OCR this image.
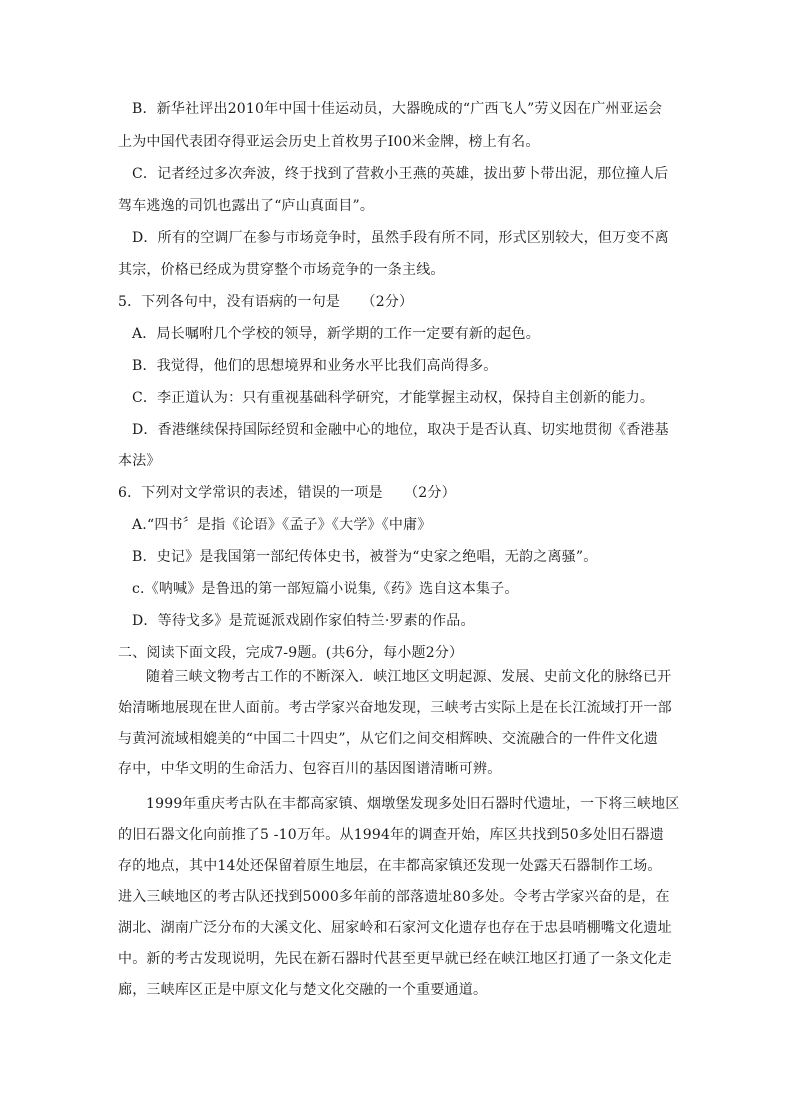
B．新华社评出2010年中国十佳运动员，大器晚成的“广西飞人”劳义因在广州亚运会
上为中国代表团夺得亚运会历史上首枚男子I00米金牌，榜上有名。
C．记者经过多次奔波，终于找到了营救小王燕的英雄，拔出萝卜带出泥，那位撞人后
驾车逃逸的司饥也露出了“庐山真面目”。
D．所有的空调厂在参与市场竞争时，虽然手段有所不同，形式区别较大，但万变不离
其宗，价格已经成为贯穿整个市场竞争的一条主线。
5．下列各句中，没有语病的一句是　　（2分）
A．局长嘱咐几个学校的领导，新学期的工作一定要有新的起色。
B．我觉得，他们的思想境界和业务水平比我们高尚得多。
C．李正道认为：只有重视基础科学研究，才能掌握主动权，保持自主创新的能力。
D．香港继续保持国际经贸和金融中心的地位，取决于是否认真、切实地贯彻《香港基
本法》
6．下列对文学常识的表述，错误的一项是　　（2分）
A.“四书〞是指《论语》《孟子》《大学》《中庸》
B．史记》是我国第一部纪传体史书，被誉为“史家之绝唱，无韵之离骚”。
c.《呐喊》是鲁迅的第一部短篇小说集,《药》选自这本集子。
D．等待戈多》是荒诞派戏剧作家伯特兰·罗素的作品。
二、阅读下面文段，完成7-9题。(共6分，每小题2分）
随着三峡文物考古工作的不断深入．峡江地区文明起源、发展、史前文化的脉络已开
始清晰地展现在世人面前。考古学家兴奋地发现，三峡考古实际上是在长江流域打开一部
与黄河流域相媲美的“中国二十四史”，从它们之间交相辉映、交流融合的一件件文化遗
存中，中华文明的生命活力、包容百川的基因图谱清晰可辨。
1999年重庆考古队在丰都高家镇、烟墩堡发现多处旧石器时代遗址，一下将三峡地区
的旧石器文化向前推了5 -10万年。从1994年的调查开始，库区共找到50多处旧石器遗
存的地点，其中14处还保留着原生地层，在丰都高家镇还发现一处露天石器制作工场。
进入三峡地区的考古队还找到5000多年前的部落遗址80多处。令考古学家兴奋的是，在
湖北、湖南广泛分布的大溪文化、屈家岭和石家河文化遗存也存在于忠县哨棚嘴文化遗址
中。新的考古发现说明，先民在新石器时代甚至更早就已经在峡江地区打通了一条文化走
廊，三峡库区正是中原文化与楚文化交融的一个重要通道。
